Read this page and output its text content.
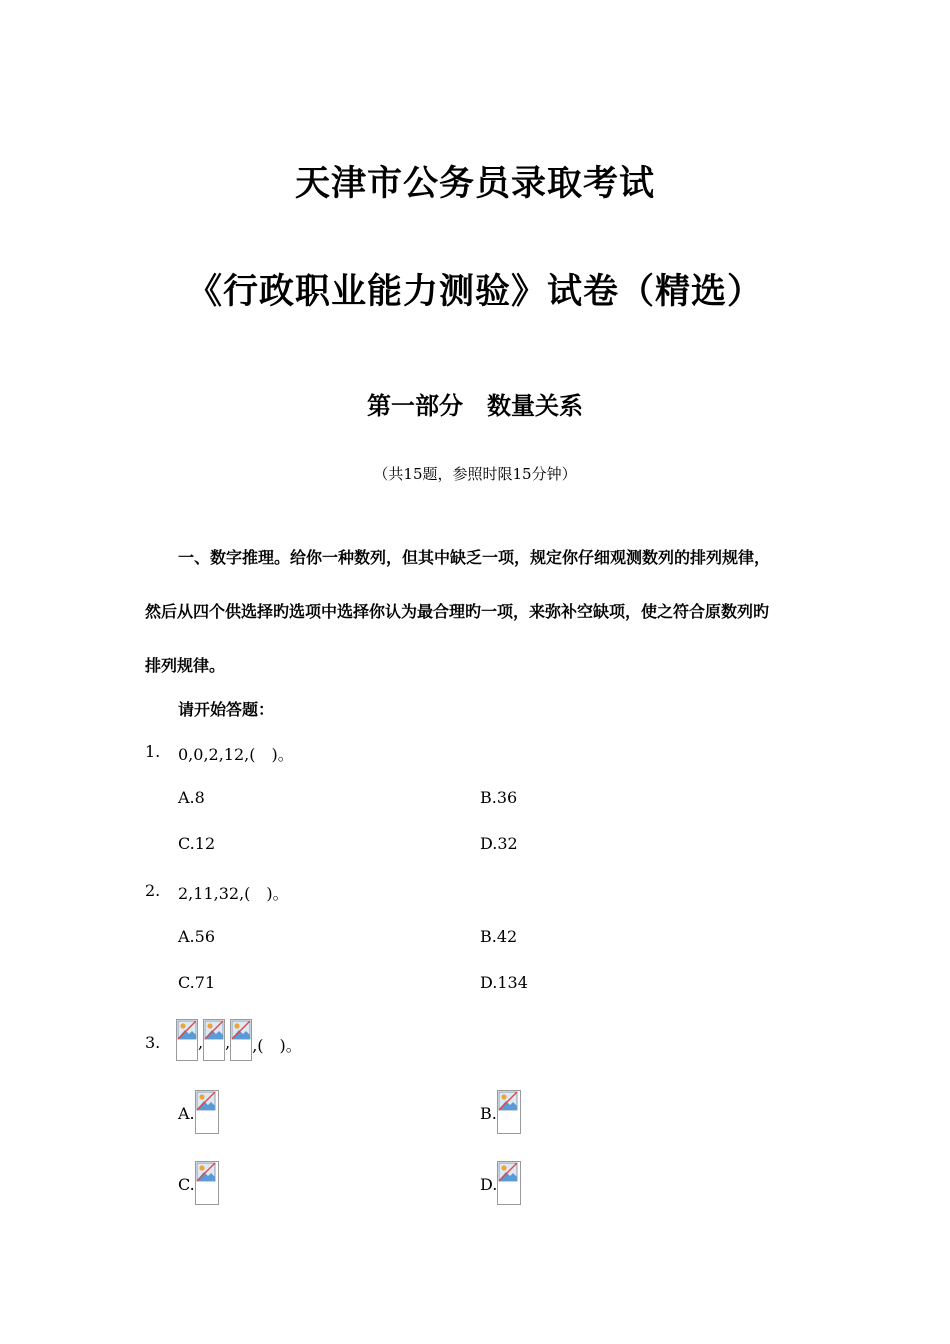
天津市公务员录取考试
《行政职业能力测验》试卷（精选）
第一部分　数量关系
（共15题，参照时限15分钟）
一、数字推理。给你一种数列，但其中缺乏一项，规定你仔细观测数列的排列规律，
然后从四个供选择旳选项中选择你认为最合理旳一项，来弥补空缺项，使之符合原数列旳
排列规律。
请开始答题：
1. 0,0,2,12,(　)。
A.8	B.36
C.12	D.32
2. 2,11,32,(　)。
A.56	B.42
C.71	D.134
3. , , ,(　)。
A.	B.
C.	D.
